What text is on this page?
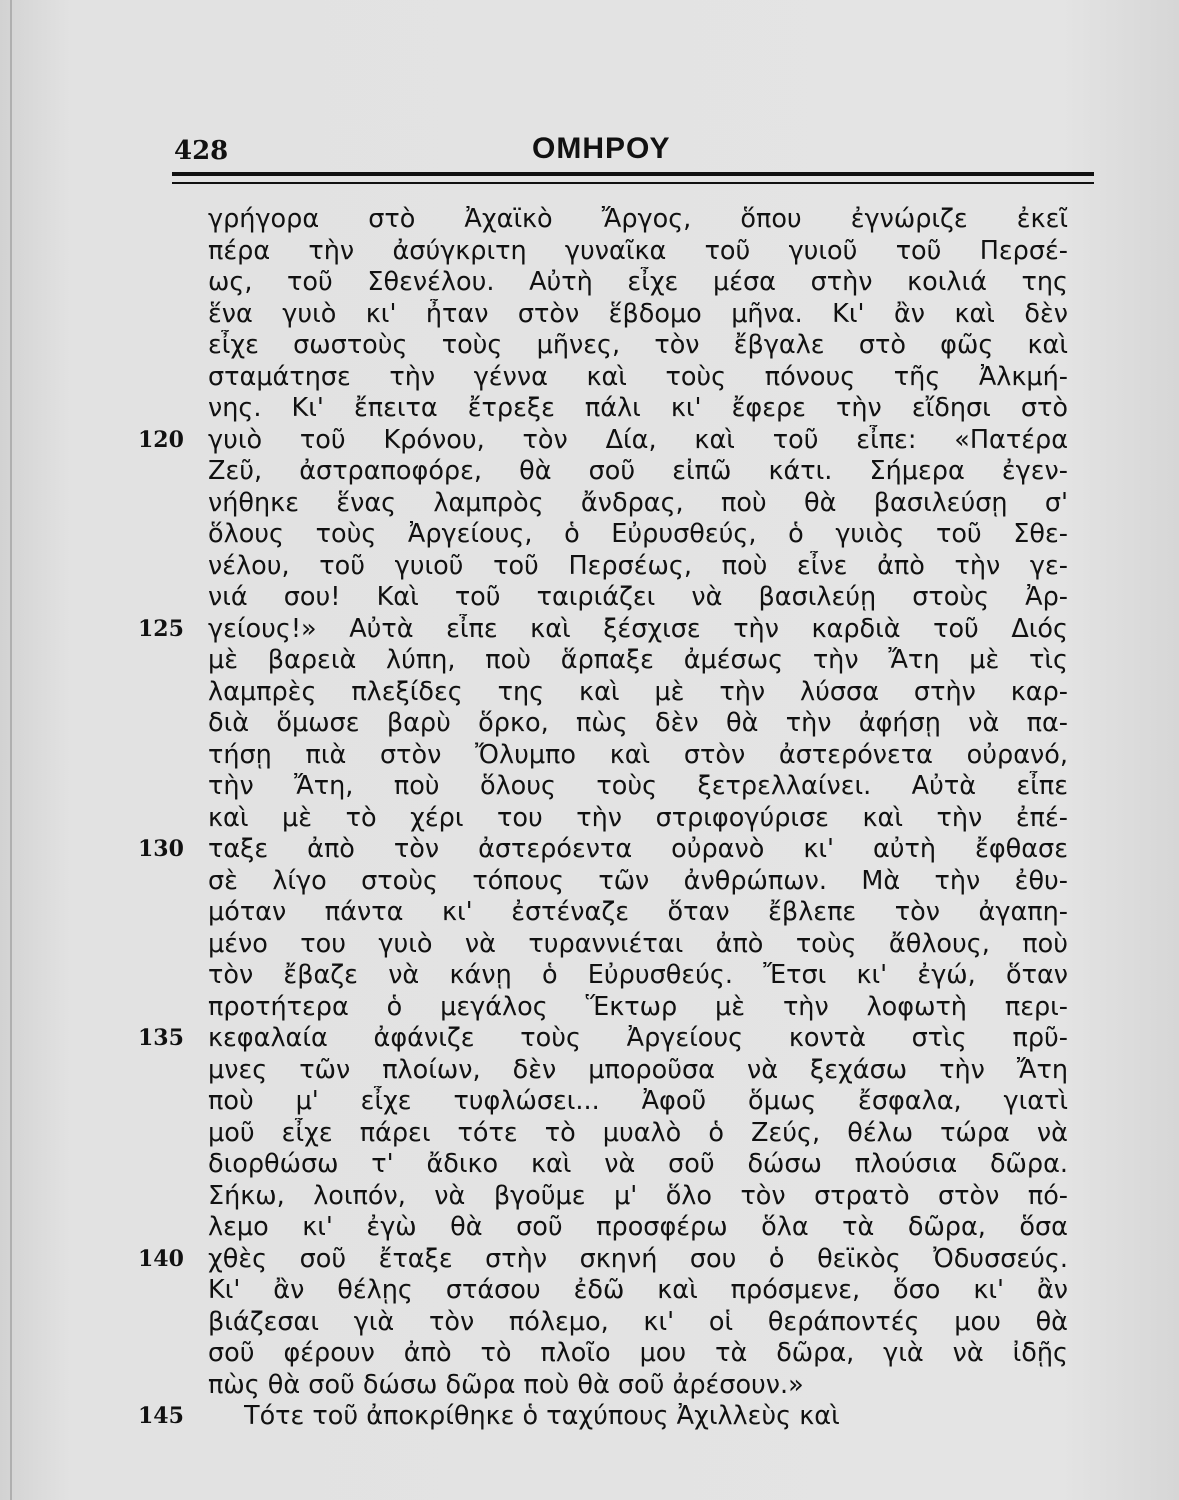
428	ΟΜΗΡΟΥ
γρήγορα στὸ Ἀχαϊκὸ Ἄργος, ὅπου ἐγνώριζε ἐκεῖ
πέρα τὴν ἀσύγκριτη γυναῖκα τοῦ γυιοῦ τοῦ Περσέ-
ως, τοῦ Σθενέλου. Αὐτὴ εἶχε μέσα στὴν κοιλιά της
ἕνα γυιὸ κι' ἦταν στὸν ἕβδομο μῆνα. Κι' ἂν καὶ δὲν
εἶχε σωστοὺς τοὺς μῆνες, τὸν ἔβγαλε στὸ φῶς καὶ
σταμάτησε τὴν γέννα καὶ τοὺς πόνους τῆς Ἀλκμή-
νης. Κι' ἔπειτα ἔτρεξε πάλι κι' ἔφερε τὴν εἴδησι στὸ
120 γυιὸ τοῦ Κρόνου, τὸν Δία, καὶ τοῦ εἶπε: «Πατέρα
Ζεῦ, ἀστραποφόρε, θὰ σοῦ εἰπῶ κάτι. Σήμερα ἐγεν-
νήθηκε ἕνας λαμπρὸς ἄνδρας, ποὺ θὰ βασιλεύσῃ σ'
ὅλους τοὺς Ἀργείους, ὁ Εὐρυσθεύς, ὁ γυιὸς τοῦ Σθε-
νέλου, τοῦ γυιοῦ τοῦ Περσέως, ποὺ εἶνε ἀπὸ τὴν γε-
νιά σου! Καὶ τοῦ ταιριάζει νὰ βασιλεύῃ στοὺς Ἀρ-
125 γείους!» Αὐτὰ εἶπε καὶ ξέσχισε τὴν καρδιὰ τοῦ Διός
μὲ βαρειὰ λύπη, ποὺ ἅρπαξε ἀμέσως τὴν Ἄτη μὲ τὶς
λαμπρὲς πλεξίδες της καὶ μὲ τὴν λύσσα στὴν καρ-
διὰ ὅμωσε βαρὺ ὅρκο, πὼς δὲν θὰ τὴν ἀφήσῃ νὰ πα-
τήσῃ πιὰ στὸν Ὄλυμπο καὶ στὸν ἀστερόνετα οὐρανό,
τὴν Ἄτη, ποὺ ὅλους τοὺς ξετρελλαίνει. Αὐτὰ εἶπε
καὶ μὲ τὸ χέρι του τὴν στριφογύρισε καὶ τὴν ἐπέ-
130 ταξε ἀπὸ τὸν ἀστερόεντα οὐρανὸ κι' αὐτὴ ἔφθασε
σὲ λίγο στοὺς τόπους τῶν ἀνθρώπων. Μὰ τὴν ἐθυ-
μόταν πάντα κι' ἐστέναζε ὅταν ἔβλεπε τὸν ἀγαπη-
μένο του γυιὸ νὰ τυραννιέται ἀπὸ τοὺς ἄθλους, ποὺ
τὸν ἔβαζε νὰ κάνῃ ὁ Εὐρυσθεύς. Ἔτσι κι' ἐγώ, ὅταν
προτήτερα ὁ μεγάλος Ἕκτωρ μὲ τὴν λοφωτὴ περι-
135 κεφαλαία ἀφάνιζε τοὺς Ἀργείους κοντὰ στὶς πρῦ-
μνες τῶν πλοίων, δὲν μποροῦσα νὰ ξεχάσω τὴν Ἄτη
ποὺ μ' εἶχε τυφλώσει... Ἀφοῦ ὅμως ἔσφαλα, γιατὶ
μοῦ εἶχε πάρει τότε τὸ μυαλὸ ὁ Ζεύς, θέλω τώρα νὰ
διορθώσω τ' ἄδικο καὶ νὰ σοῦ δώσω πλούσια δῶρα.
Σήκω, λοιπόν, νὰ βγοῦμε μ' ὅλο τὸν στρατὸ στὸν πό-
λεμο κι' ἐγὼ θὰ σοῦ προσφέρω ὅλα τὰ δῶρα, ὅσα
140 χθὲς σοῦ ἔταξε στὴν σκηνή σου ὁ θεϊκὸς Ὀδυσσεύς.
Κι' ἂν θέλῃς στάσου ἐδῶ καὶ πρόσμενε, ὅσο κι' ἂν
βιάζεσαι γιὰ τὸν πόλεμο, κι' οἱ θεράποντές μου θὰ
σοῦ φέρουν ἀπὸ τὸ πλοῖο μου τὰ δῶρα, γιὰ νὰ ἰδῇς
πὼς θὰ σοῦ δώσω δῶρα ποὺ θὰ σοῦ ἀρέσουν.»
145 Τότε τοῦ ἀποκρίθηκε ὁ ταχύπους Ἀχιλλεὺς καὶ
